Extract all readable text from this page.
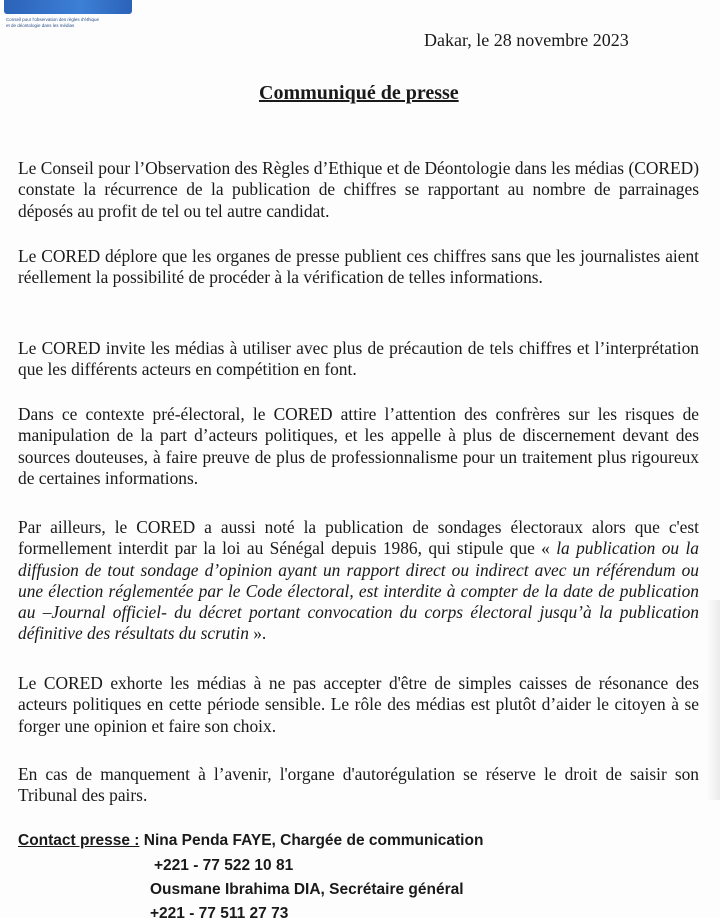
Conseil pour l'observation des règles d'éthique
et de déontologie dans les médias
Dakar, le 28 novembre 2023
Communiqué de presse

Le Conseil pour l’Observation des Règles d’Ethique et de Déontologie dans les médias (CORED) constate la récurrence de la publication de chiffres se rapportant au nombre de parrainages déposés au profit de tel ou tel autre candidat.

Le CORED déplore que les organes de presse publient ces chiffres sans que les journalistes aient réellement la possibilité de procéder à la vérification de telles informations.

Le CORED invite les médias à utiliser avec plus de précaution de tels chiffres et l’interprétation que les différents acteurs en compétition en font.

Dans ce contexte pré-électoral, le CORED attire l’attention des confrères sur les risques de manipulation de la part d’acteurs politiques, et les appelle à plus de discernement devant des sources douteuses, à faire preuve de plus de professionnalisme pour un traitement plus rigoureux de certaines informations.

Par ailleurs, le CORED a aussi noté la publication de sondages électoraux alors que c'est formellement interdit par la loi au Sénégal depuis 1986, qui stipule que « la publication ou la diffusion de tout sondage d’opinion ayant un rapport direct ou indirect avec un référendum ou une élection réglementée par le Code électoral, est interdite à compter de la date de publication au –Journal officiel- du décret portant convocation du corps électoral jusqu’à la publication définitive des résultats du scrutin ».

Le CORED exhorte les médias à ne pas accepter d'être de simples caisses de résonance des acteurs politiques en cette période sensible. Le rôle des médias est plutôt d’aider le citoyen à se forger une opinion et faire son choix.

En cas de manquement à l’avenir, l'organe d'autorégulation se réserve le droit de saisir son Tribunal des pairs.

Contact presse : Nina Penda FAYE, Chargée de communication
+221 - 77 522 10 81
Ousmane Ibrahima DIA, Secrétaire général
+221 - 77 511 27 73
